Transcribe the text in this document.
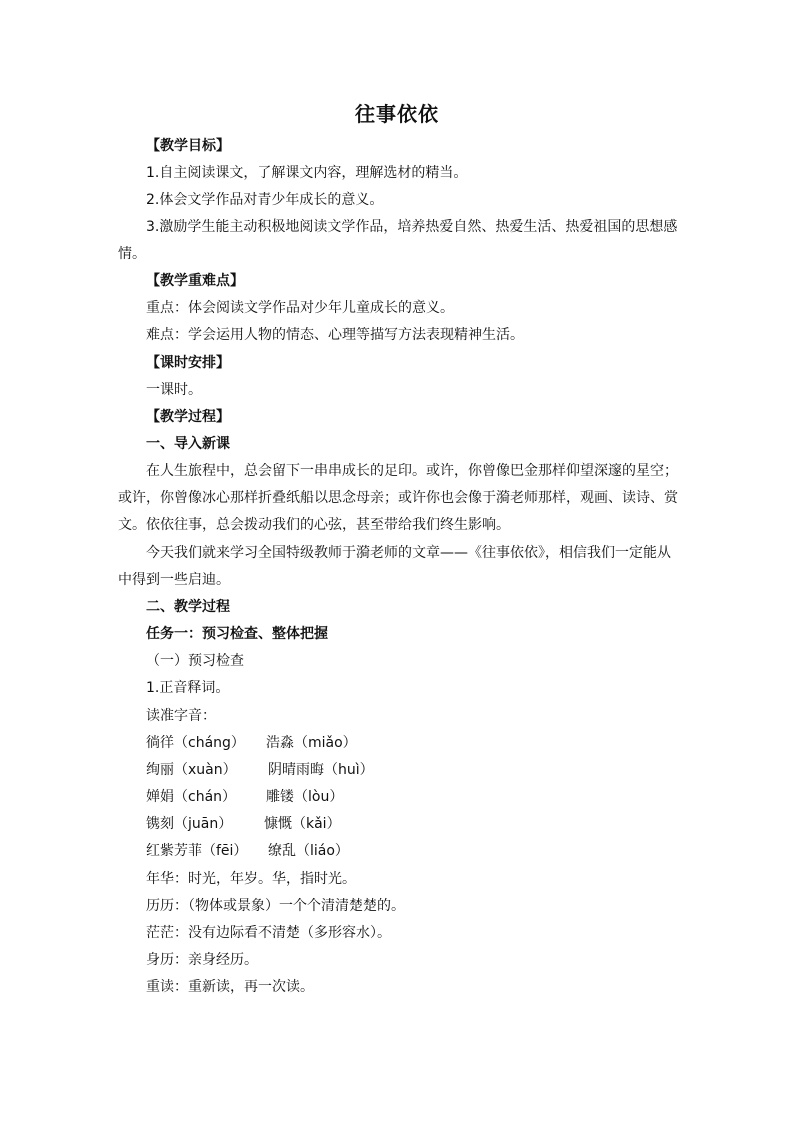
往事依依
【教学目标】
1.自主阅读课文，了解课文内容，理解选材的精当。
2.体会文学作品对青少年成长的意义。
3.激励学生能主动积极地阅读文学作品，培养热爱自然、热爱生活、热爱祖国的思想感
情。
【教学重难点】
重点：体会阅读文学作品对少年儿童成长的意义。
难点：学会运用人物的情态、心理等描写方法表现精神生活。
【课时安排】
一课时。
【教学过程】
一、导入新课
在人生旅程中，总会留下一串串成长的足印。或许，你曾像巴金那样仰望深邃的星空；
或许，你曾像冰心那样折叠纸船以思念母亲；或许你也会像于漪老师那样，观画、读诗、赏
文。依依往事，总会拨动我们的心弦，甚至带给我们终生影响。
今天我们就来学习全国特级教师于漪老师的文章——《往事依依》，相信我们一定能从
中得到一些启迪。
二、教学过程
任务一：预习检查、整体把握
（一）预习检查
1.正音释词。
读准字音：
徜徉（cháng） 浩淼（miǎo）
绚丽（xuàn） 阴晴雨晦（huì）
婵娟（chán） 雕镂（lòu）
镌刻（juān） 慷慨（kǎi）
红紫芳菲（fēi） 缭乱（liáo）
年华：时光，年岁。华，指时光。
历历：（物体或景象）一个个清清楚楚的。
茫茫：没有边际看不清楚（多形容水）。
身历：亲身经历。
重读：重新读，再一次读。
